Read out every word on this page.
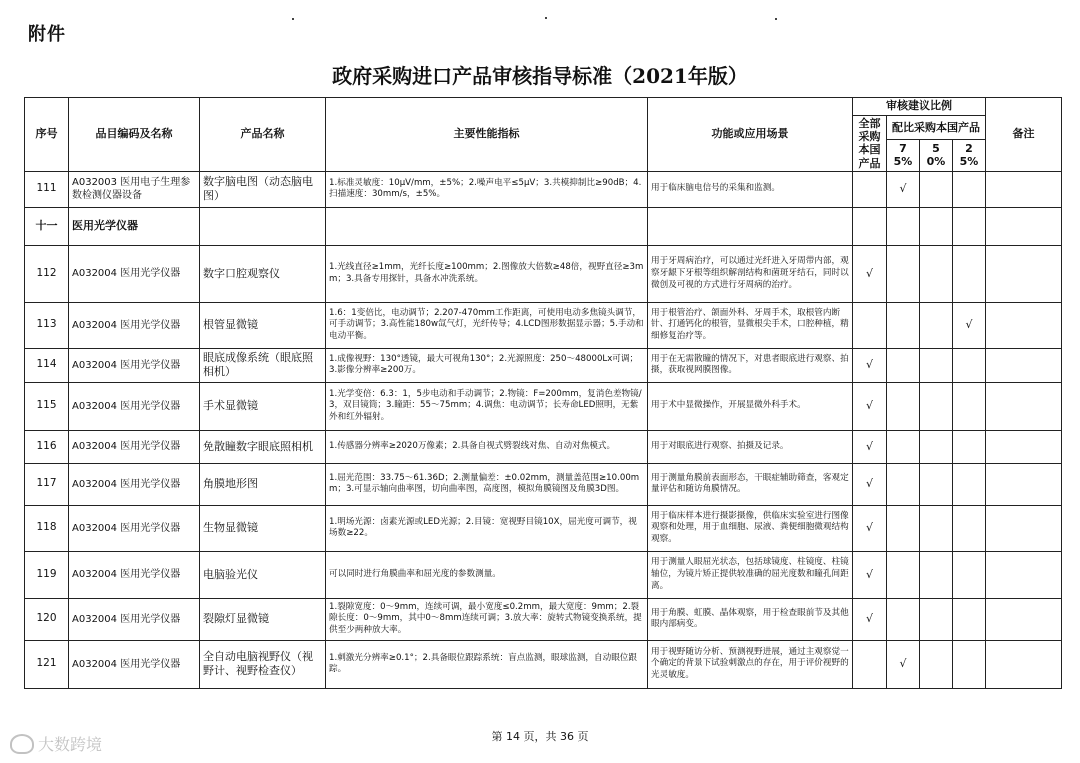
附件
政府采购进口产品审核指导标准（2021年版）
序号	品目编码及名称	产品名称	主要性能指标	功能或应用场景	审核建议比例				备注
					全部采购本国产品	配比采购本国产品			
						75%	50%	25%	
111	A032003 医用电子生理参数检测仪器设备	数字脑电图（动态脑电图）	1.标准灵敏度：10μV/mm，±5%；2.噪声电平≤5μV；3.共模抑制比≥90dB；4.扫描速度：30mm/s，±5%。	用于临床脑电信号的采集和监测。		√			
十一	医用光学仪器								
112	A032004 医用光学仪器	数字口腔观察仪	1.光线直径≥1mm，光纤长度≥100mm；2.图像放大倍数≥48倍，视野直径≥3mm；3.具备专用探针，具备水冲洗系统。	用于牙周病治疗，可以通过光纤进入牙周带内部，观察牙龈下牙根等组织解剖结构和菌斑牙结石，同时以微创及可视的方式进行牙周病的治疗。	√				
113	A032004 医用光学仪器	根管显微镜	1.6：1变倍比，电动调节；2.207-470mm工作距离，可使用电动多焦镜头调节，可手动调节；3.高性能180w氙气灯，光纤传导；4.LCD图形数据显示器；5.手动和电动平衡。	用于根管治疗、颌面外科、牙周手术，取根管内断针、打通钙化的根管，显微根尖手术，口腔种植，精细修复治疗等。				√	
114	A032004 医用光学仪器	眼底成像系统（眼底照相机）	1.成像视野：130°透镜，最大可视角130°；2.光源照度：250～48000Lx可调；3.影像分辨率≥200万。	用于在无需散瞳的情况下，对患者眼底进行观察、拍摄，获取视网膜图像。	√				
115	A032004 医用光学仪器	手术显微镜	1.光学变倍：6.3：1，5步电动和手动调节；2.物镜：F=200mm，复消色差物镜/3，双目镜筒；3.瞳距：55～75mm；4.调焦：电动调节；长寿命LED照明，无紫外和红外辐射。	用于术中显微操作，开展显微外科手术。	√				
116	A032004 医用光学仪器	免散瞳数字眼底照相机	1.传感器分辨率≥2020万像素；2.具备自视式劈裂线对焦、自动对焦模式。	用于对眼底进行观察、拍摄及记录。	√				
117	A032004 医用光学仪器	角膜地形图	1.屈光范围：33.75～61.36D；2.测量偏差：±0.02mm，测量盖范围≥10.00mm；3.可显示轴向曲率图，切向曲率图，高度图，模拟角膜镜图及角膜3D图。	用于测量角膜前表面形态，干眼症辅助筛查，客观定量评估和随访角膜情况。	√				
118	A032004 医用光学仪器	生物显微镜	1.明场光源：卤素光源或LED光源；2.目镜：宽视野目镜10X，屈光度可调节，视场数≥22。	用于临床样本进行摄影摄像，供临床实验室进行图像观察和处理，用于血细胞、尿液、粪便细胞微观结构观察。	√				
119	A032004 医用光学仪器	电脑验光仪	可以同时进行角膜曲率和屈光度的参数测量。	用于测量人眼屈光状态，包括球镜度、柱镜度、柱镜轴位，为镜片矫正提供较准确的屈光度数和瞳孔间距离。	√				
120	A032004 医用光学仪器	裂隙灯显微镜	1.裂隙宽度：0～9mm，连续可调，最小宽度≤0.2mm，最大宽度：9mm；2.裂隙长度：0～9mm，其中0～8mm连续可调；3.放大率：旋转式物镜变换系统，提供至少两种放大率。	用于角膜、虹膜、晶体观察，用于检查眼前节及其他眼内部病变。	√				
121	A032004 医用光学仪器	全自动电脑视野仪（视野计、视野检查仪）	1.刺激光分辨率≥0.1°；2.具备眼位跟踪系统：盲点监测，眼球监测，自动眼位跟踪。	用于视野随访分析、预测视野进展，通过主观察觉一个确定的背景下试验刺激点的存在，用于评价视野的光灵敏度。		√			
第 14 页，共 36 页
大数跨境
